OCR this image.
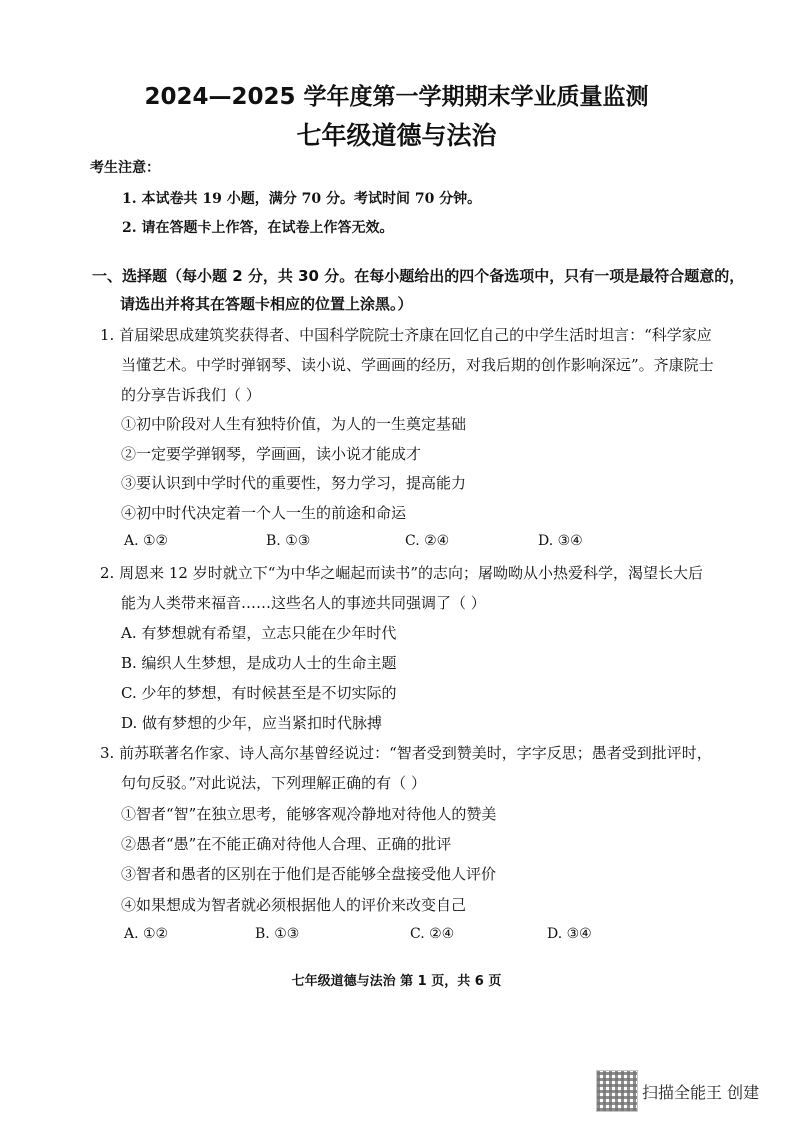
2024—2025 学年度第一学期期末学业质量监测
七年级道德与法治
考生注意：
1. 本试卷共 19 小题，满分 70 分。考试时间 70 分钟。
2. 请在答题卡上作答，在试卷上作答无效。
一、选择题（每小题 2 分，共 30 分。在每小题给出的四个备选项中，只有一项是最符合题意的，
请选出并将其在答题卡相应的位置上涂黑。）
1. 首届梁思成建筑奖获得者、中国科学院院士齐康在回忆自己的中学生活时坦言：“科学家应
当懂艺术。中学时弹钢琴、读小说、学画画的经历，对我后期的创作影响深远”。齐康院士
的分享告诉我们（ ）
①初中阶段对人生有独特价值，为人的一生奠定基础
②一定要学弹钢琴，学画画，读小说才能成才
③要认识到中学时代的重要性，努力学习，提高能力
④初中时代决定着一个人一生的前途和命运
A. ①②	B. ①③	C. ②④	D. ③④
2. 周恩来 12 岁时就立下“为中华之崛起而读书”的志向；屠呦呦从小热爱科学，渴望长大后
能为人类带来福音……这些名人的事迹共同强调了（ ）
A. 有梦想就有希望，立志只能在少年时代
B. 编织人生梦想，是成功人士的生命主题
C. 少年的梦想，有时候甚至是不切实际的
D. 做有梦想的少年，应当紧扣时代脉搏
3. 前苏联著名作家、诗人高尔基曾经说过：“智者受到赞美时，字字反思；愚者受到批评时，
句句反驳。”对此说法，下列理解正确的有（ ）
①智者“智”在独立思考，能够客观冷静地对待他人的赞美
②愚者“愚”在不能正确对待他人合理、正确的批评
③智者和愚者的区别在于他们是否能够全盘接受他人评价
④如果想成为智者就必须根据他人的评价来改变自己
A. ①②	B. ①③	C. ②④	D. ③④
七年级道德与法治 第 1 页，共 6 页
扫描全能王 创建
